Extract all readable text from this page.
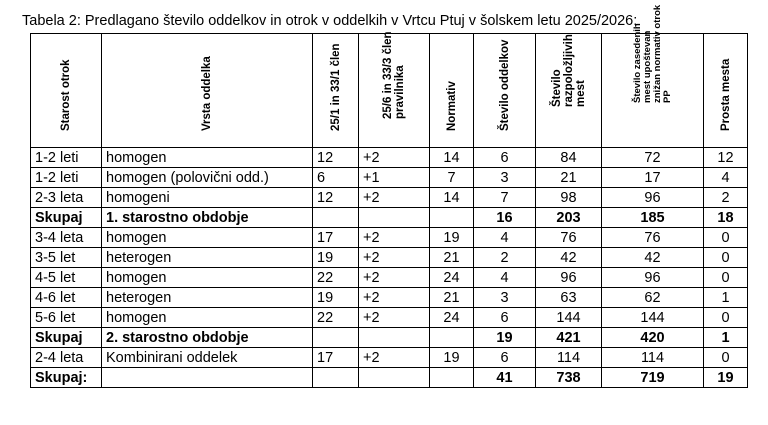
Tabela 2: Predlagano število oddelkov in otrok v oddelkih v Vrtcu Ptuj v šolskem letu 2025/2026:
Starost otrok	Vrsta oddelka	25/1 in 33/1 člen	25/6 in 33/3 člen pravilnika	Normativ	Število oddelkov	Število razpoložljivih mest	Število zasedenih mest upoštevan znižan normativ otrok PP	Prosta mesta

1-2 leti	homogen	12	+2	14	6	84	72	12
1-2 leti	homogen (polovični odd.)	6	+1	7	3	21	17	4
2-3 leta	homogeni	12	+2	14	7	98	96	2
Skupaj	1. starostno obdobje				16	203	185	18
3-4 leta	homogen	17	+2	19	4	76	76	0
3-5 let	heterogen	19	+2	21	2	42	42	0
4-5 let	homogen	22	+2	24	4	96	96	0
4-6 let	heterogen	19	+2	21	3	63	62	1
5-6 let	homogen	22	+2	24	6	144	144	0
Skupaj	2. starostno obdobje				19	421	420	1
2-4 leta	Kombinirani oddelek	17	+2	19	6	114	114	0
Skupaj:					41	738	719	19
